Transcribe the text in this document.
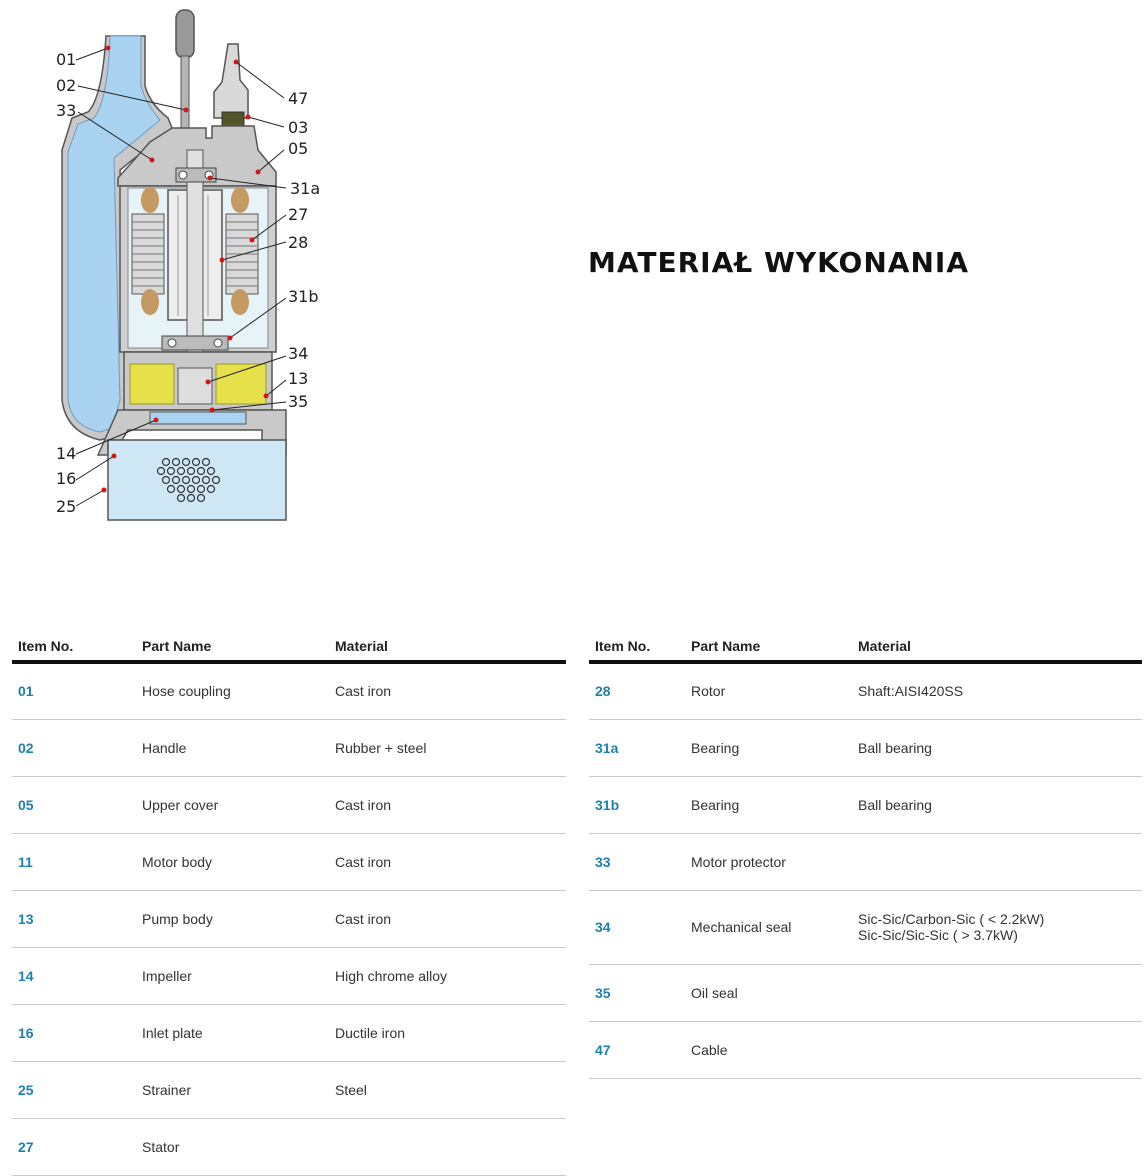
01
02
33
47
03
05
31a
27
28
31b
34
13
35
14
16
25
MATERIAŁ WYKONANIA
Item No.	Part Name	Material
01	Hose coupling	Cast iron
02	Handle	Rubber + steel
05	Upper cover	Cast iron
11	Motor body	Cast iron
13	Pump body	Cast iron
14	Impeller	High chrome alloy
16	Inlet plate	Ductile iron
25	Strainer	Steel
27	Stator	
Item No.	Part Name	Material
28	Rotor	Shaft:AISI420SS
31a	Bearing	Ball bearing
31b	Bearing	Ball bearing
33	Motor protector	
34	Mechanical seal	Sic-Sic/Carbon-Sic ( < 2.2kW)
Sic-Sic/Sic-Sic ( > 3.7kW)

35	Oil seal	
47	Cable	
